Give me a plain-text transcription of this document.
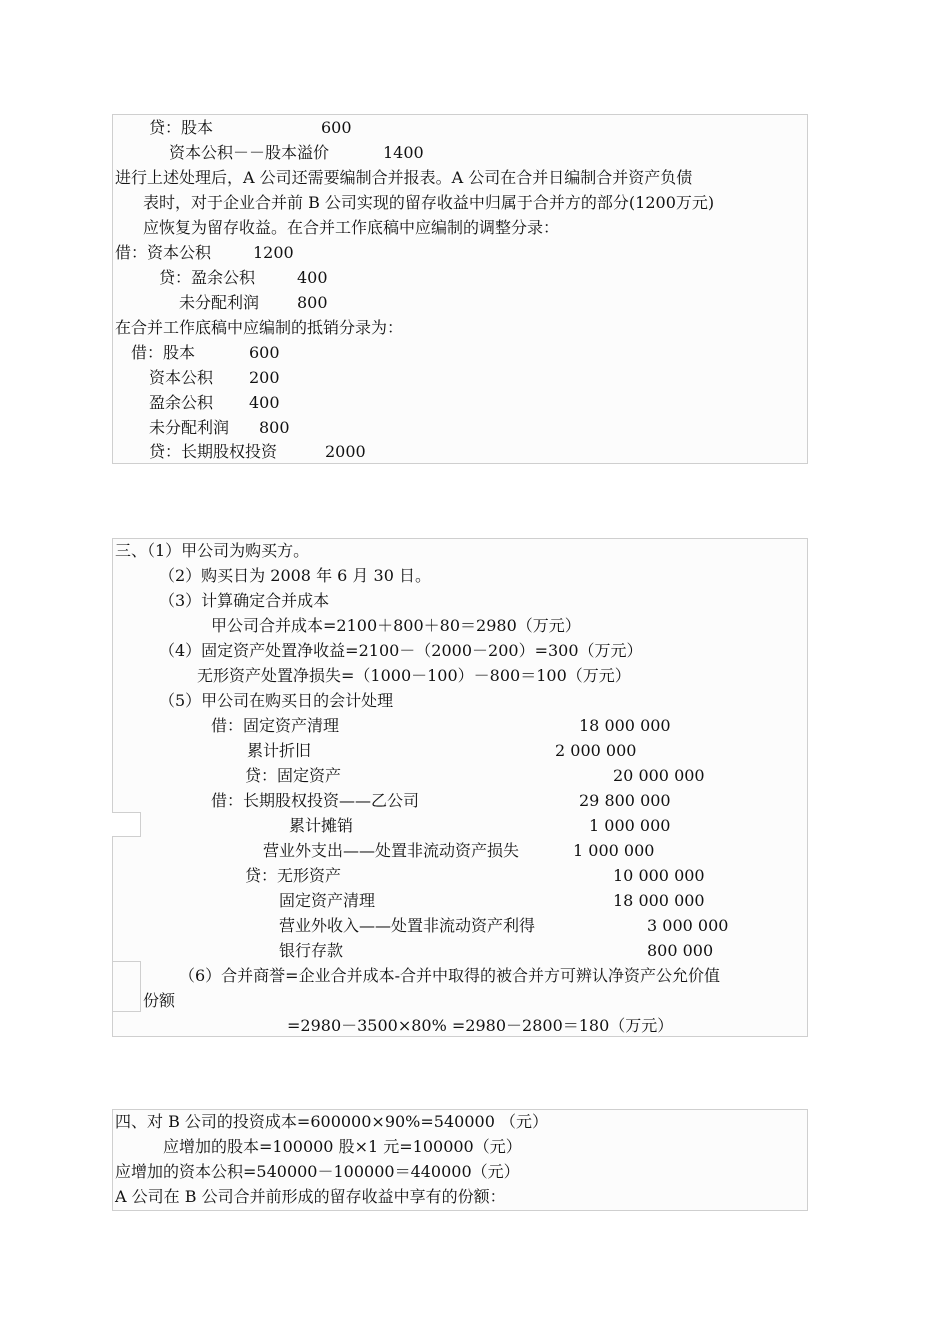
贷：股本	600
资本公积－－股本溢价	1400
进行上述处理后，A 公司还需要编制合并报表。A 公司在合并日编制合并资产负债
表时，对于企业合并前 B 公司实现的留存收益中归属于合并方的部分(1200万元)
应恢复为留存收益。在合并工作底稿中应编制的调整分录：
借：资本公积	1200
贷：盈余公积	400
未分配利润 800
在合并工作底稿中应编制的抵销分录为：
借：股本	600
资本公积 200
盈余公积 400
未分配利润 800
贷：长期股权投资	2000
三、（1）甲公司为购买方。
（2）购买日为 2008 年 6 月 30 日。
（3）计算确定合并成本
甲公司合并成本=2100＋800＋80＝2980（万元）
（4）固定资产处置净收益=2100－（2000－200）=300（万元）
无形资产处置净损失=（1000－100）－800＝100（万元）
（5）甲公司在购买日的会计处理
借：固定资产清理	18 000 000
累计折旧	2 000 000
贷：固定资产	20 000 000
借：长期股权投资——乙公司	29 800 000
累计摊销	1 000 000
营业外支出——处置非流动资产损失	1 000 000
贷：无形资产	10 000 000
固定资产清理	18 000 000
营业外收入——处置非流动资产利得	3 000 000
银行存款	800 000
（6）合并商誉=企业合并成本-合并中取得的被合并方可辨认净资产公允价值
份额
=2980－3500×80% =2980－2800＝180（万元）
四、对 B 公司的投资成本=600000×90%=540000 （元）
应增加的股本=100000 股×1 元=100000（元）
应增加的资本公积=540000－100000＝440000（元）
A 公司在 B 公司合并前形成的留存收益中享有的份额：
